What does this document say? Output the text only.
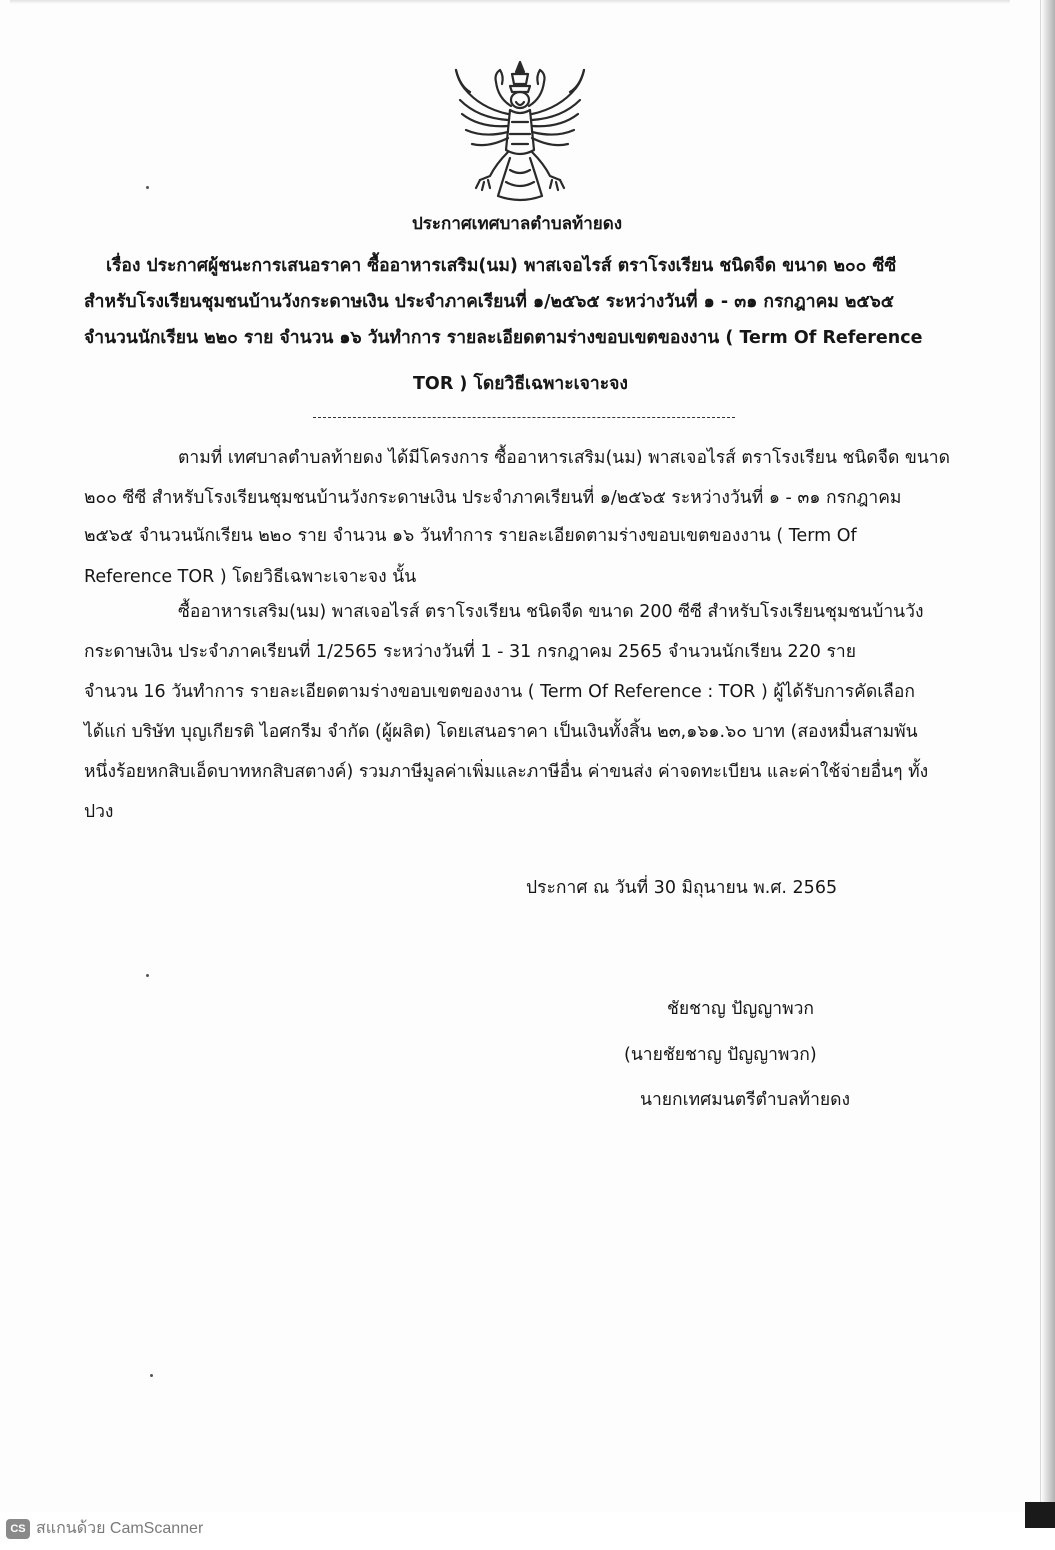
ประกาศเทศบาลตำบลท้ายดง
เรื่อง ประกาศผู้ชนะการเสนอราคา ซื้ออาหารเสริม(นม) พาสเจอไรส์ ตราโรงเรียน ชนิดจืด ขนาด ๒๐๐ ซีซี
สำหรับโรงเรียนชุมชนบ้านวังกระดาษเงิน ประจำภาคเรียนที่ ๑/๒๕๖๕ ระหว่างวันที่ ๑ - ๓๑ กรกฎาคม ๒๕๖๕
จำนวนนักเรียน ๒๒๐ ราย จำนวน ๑๖ วันทำการ รายละเอียดตามร่างขอบเขตของงาน ( Term Of Reference
TOR ) โดยวิธีเฉพาะเจาะจง
ตามที่ เทศบาลตำบลท้ายดง ได้มีโครงการ ซื้ออาหารเสริม(นม) พาสเจอไรส์ ตราโรงเรียน ชนิดจืด ขนาด
๒๐๐ ซีซี สำหรับโรงเรียนชุมชนบ้านวังกระดาษเงิน ประจำภาคเรียนที่ ๑/๒๕๖๕ ระหว่างวันที่ ๑ - ๓๑ กรกฎาคม
๒๕๖๕ จำนวนนักเรียน ๒๒๐ ราย จำนวน ๑๖ วันทำการ รายละเอียดตามร่างขอบเขตของงาน ( Term Of
Reference TOR ) โดยวิธีเฉพาะเจาะจง นั้น
ซื้ออาหารเสริม(นม) พาสเจอไรส์ ตราโรงเรียน ชนิดจืด ขนาด 200 ซีซี สำหรับโรงเรียนชุมชนบ้านวัง
กระดาษเงิน ประจำภาคเรียนที่ 1/2565 ระหว่างวันที่ 1 - 31 กรกฎาคม 2565 จำนวนนักเรียน 220 ราย
จำนวน 16 วันทำการ รายละเอียดตามร่างขอบเขตของงาน ( Term Of Reference : TOR ) ผู้ได้รับการคัดเลือก
ได้แก่ บริษัท บุญเกียรติ ไอศกรีม จำกัด (ผู้ผลิต) โดยเสนอราคา เป็นเงินทั้งสิ้น ๒๓,๑๖๑.๖๐ บาท (สองหมื่นสามพัน
หนึ่งร้อยหกสิบเอ็ดบาทหกสิบสตางค์) รวมภาษีมูลค่าเพิ่มและภาษีอื่น ค่าขนส่ง ค่าจดทะเบียน และค่าใช้จ่ายอื่นๆ ทั้ง
ปวง
ประกาศ ณ วันที่ 30 มิถุนายน พ.ศ. 2565
ชัยชาญ ปัญญาพวก
(นายชัยชาญ ปัญญาพวก)
นายกเทศมนตรีตำบลท้ายดง
CS สแกนด้วย CamScanner
